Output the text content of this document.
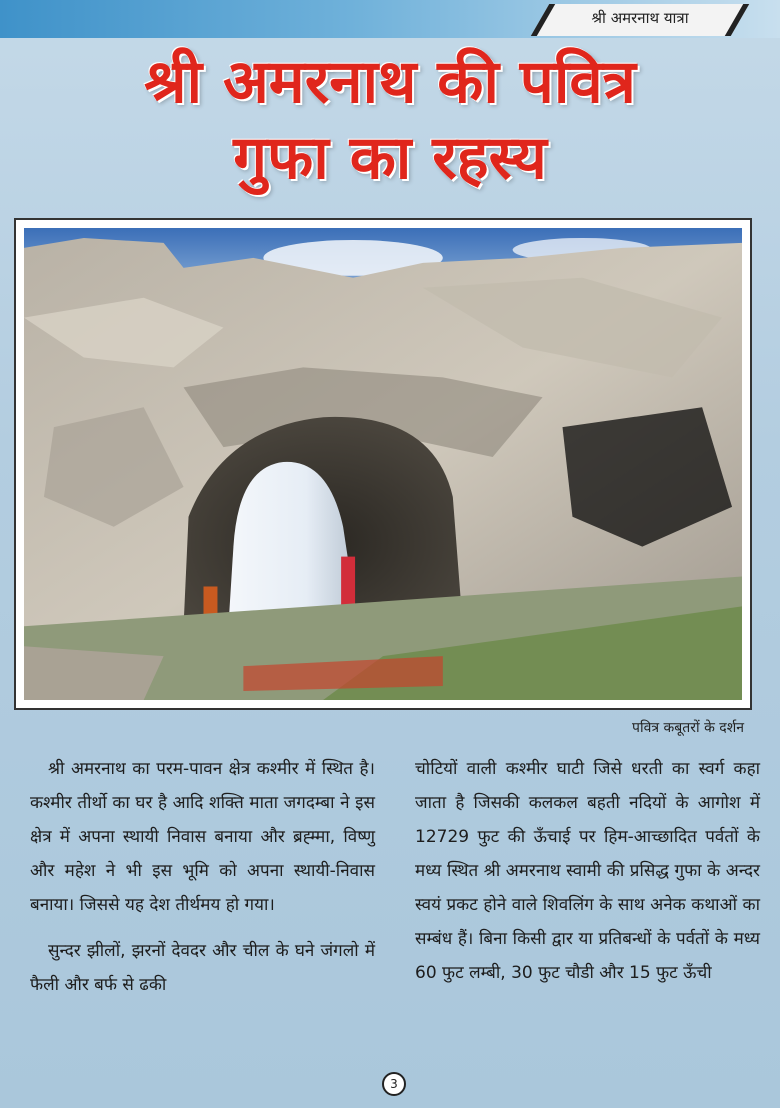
श्री अमरनाथ यात्रा
श्री अमरनाथ की पवित्र
गुफा का रहस्य
पवित्र कबूतरों के दर्शन

श्री अमरनाथ का परम-पावन क्षेत्र कश्मीर में स्थित है। कश्मीर तीर्थो का घर है आदि शक्ति माता जगदम्बा ने इस क्षेत्र में अपना स्थायी निवास बनाया और ब्रह्म्मा, विष्णु और महेश ने भी इस भूमि को अपना स्थायी-निवास बनाया। जिससे यह देश तीर्थमय हो गया।

सुन्दर झीलों, झरनों देवदर और चील के घने जंगलो में फैली और बर्फ से ढकी

चोटियों वाली कश्मीर घाटी जिसे धरती का स्वर्ग कहा जाता है जिसकी कलकल बहती नदियों के आगोश में 12729 फुट की ऊँचाई पर हिम-आच्छादित पर्वतों के मध्य स्थित श्री अमरनाथ स्वामी की प्रसिद्ध गुफा के अन्दर स्वयं प्रकट होने वाले शिवलिंग के साथ अनेक कथाओं का सम्बंध हैं। बिना किसी द्वार या प्रतिबन्धों के पर्वतों के मध्य 60 फुट लम्बी, 30 फुट चौडी और 15 फुट ऊँची

3
